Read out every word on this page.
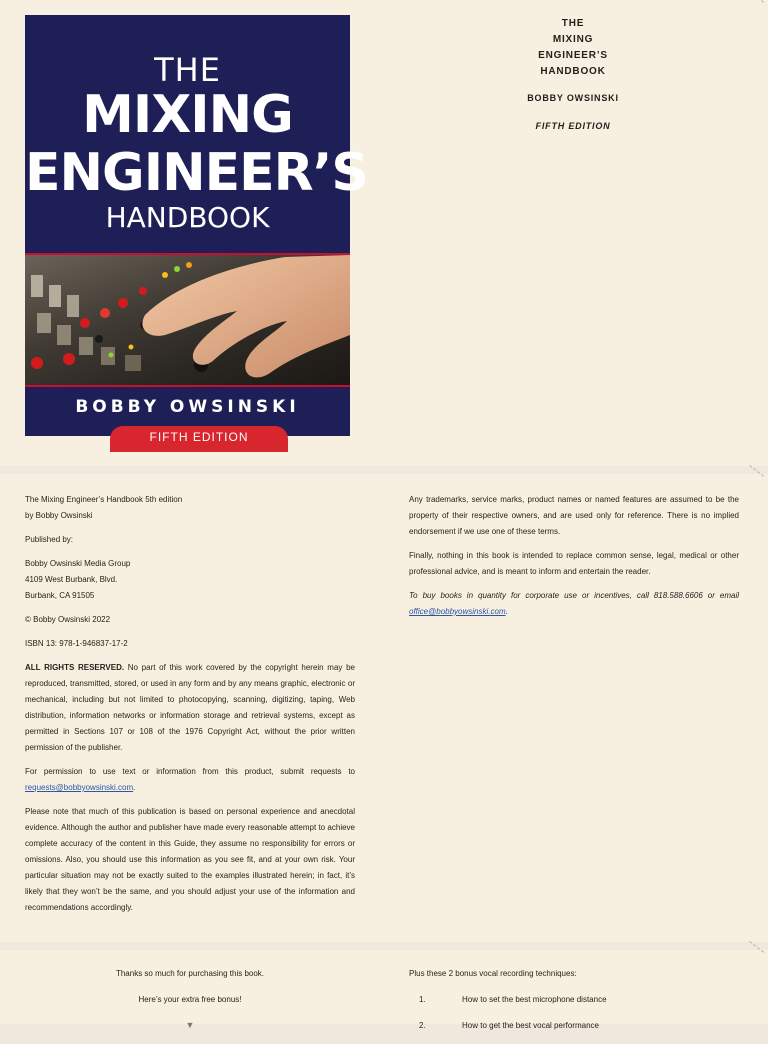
THE
MIXING
ENGINEER’S
HANDBOOK
BOBBY OWSINSKI
FIFTH EDITION
THE
MIXING
ENGINEER’S
HANDBOOK
BOBBY OWSINSKI
FIFTH EDITION

The Mixing Engineer’s Handbook 5th edition
by Bobby Owsinski

Published by:

Bobby Owsinski Media Group
4109 West Burbank, Blvd.
Burbank, CA 91505

© Bobby Owsinski 2022

ISBN 13: 978-1-946837-17-2

ALL RIGHTS RESERVED. No part of this work covered by the copyright herein may be reproduced, transmitted, stored, or used in any form and by any means graphic, electronic or mechanical, including but not limited to photocopying, scanning, digitizing, taping, Web distribution, information networks or information storage and retrieval systems, except as permitted in Sections 107 or 108 of the 1976 Copyright Act, without the prior written permission of the publisher.

For permission to use text or information from this product, submit requests to requests@bobbyowsinski.com.

Please note that much of this publication is based on personal experience and anecdotal evidence. Although the author and publisher have made every reasonable attempt to achieve complete accuracy of the content in this Guide, they assume no responsibility for errors or omissions. Also, you should use this information as you see fit, and at your own risk. Your particular situation may not be exactly suited to the examples illustrated herein; in fact, it’s likely that they won’t be the same, and you should adjust your use of the information and recommendations accordingly.

Any trademarks, service marks, product names or named features are assumed to be the property of their respective owners, and are used only for reference. There is no implied endorsement if we use one of these terms.

Finally, nothing in this book is intended to replace common sense, legal, medical or other professional advice, and is meant to inform and entertain the reader.

To buy books in quantity for corporate use or incentives, call 818.588.6606 or email office@bobbyowsinski.com.

Thanks so much for purchasing this book.

Here’s your extra free bonus!

▼

Plus these 2 bonus vocal recording techniques:

1.	How to set the best microphone distance
2.	How to get the best vocal performance
